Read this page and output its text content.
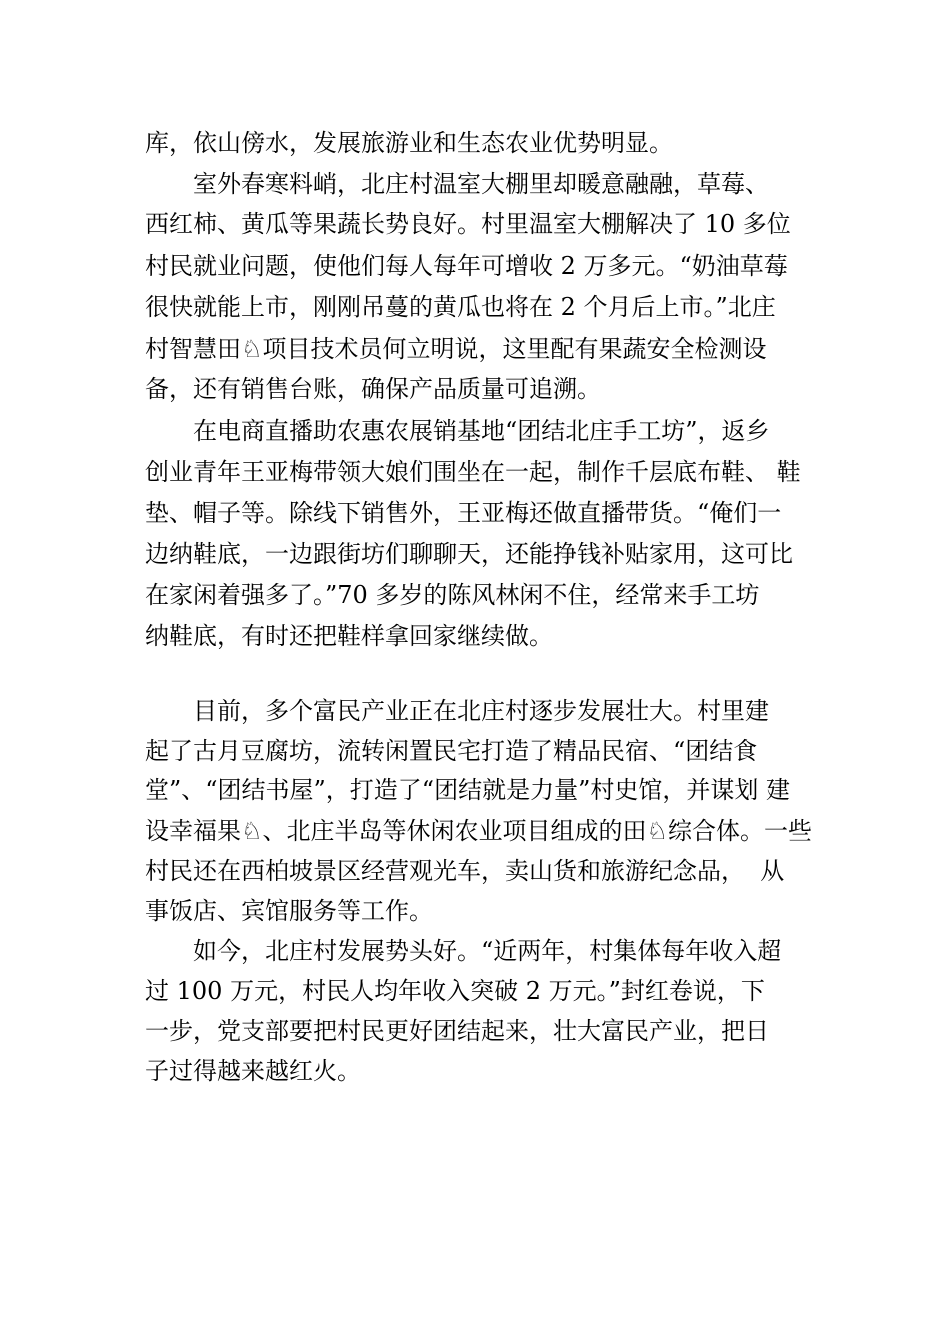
库，依山傍水，发展旅游业和生态农业优势明显。

室外春寒料峭，北庄村温室大棚里却暖意融融，草莓、

西红柿、黄瓜等果蔬长势良好。村里温室大棚解决了 10 多位

村民就业问题，使他们每人每年可增收 2 万多元。“奶油草莓

很快就能上市，刚刚吊蔓的黄瓜也将在 2 个月后上市。”北庄

村智慧田♘项目技术员何立明说，这里配有果蔬安全检测设

备，还有销售台账，确保产品质量可追溯。

在电商直播助农惠农展销基地“团结北庄手工坊”，返乡

创业青年王亚梅带领大娘们围坐在一起，制作千层底布鞋、 鞋

垫、帽子等。除线下销售外，王亚梅还做直播带货。“俺们一

边纳鞋底，一边跟街坊们聊聊天，还能挣钱补贴家用，这可比

在家闲着强多了。”70 多岁的陈风林闲不住，经常来手工坊

纳鞋底，有时还把鞋样拿回家继续做。

目前，多个富民产业正在北庄村逐步发展壮大。村里建

起了古月豆腐坊，流转闲置民宅打造了精品民宿、“团结食

堂”、“团结书屋”，打造了“团结就是力量”村史馆，并谋划 建

设幸福果♘、北庄半岛等休闲农业项目组成的田♘综合体。一些

村民还在西柏坡景区经营观光车，卖山货和旅游纪念品，  从

事饭店、宾馆服务等工作。

如今，北庄村发展势头好。“近两年，村集体每年收入超

过 100 万元，村民人均年收入突破 2 万元。”封红卷说，下

一步，党支部要把村民更好团结起来，壮大富民产业，把日

子过得越来越红火。
